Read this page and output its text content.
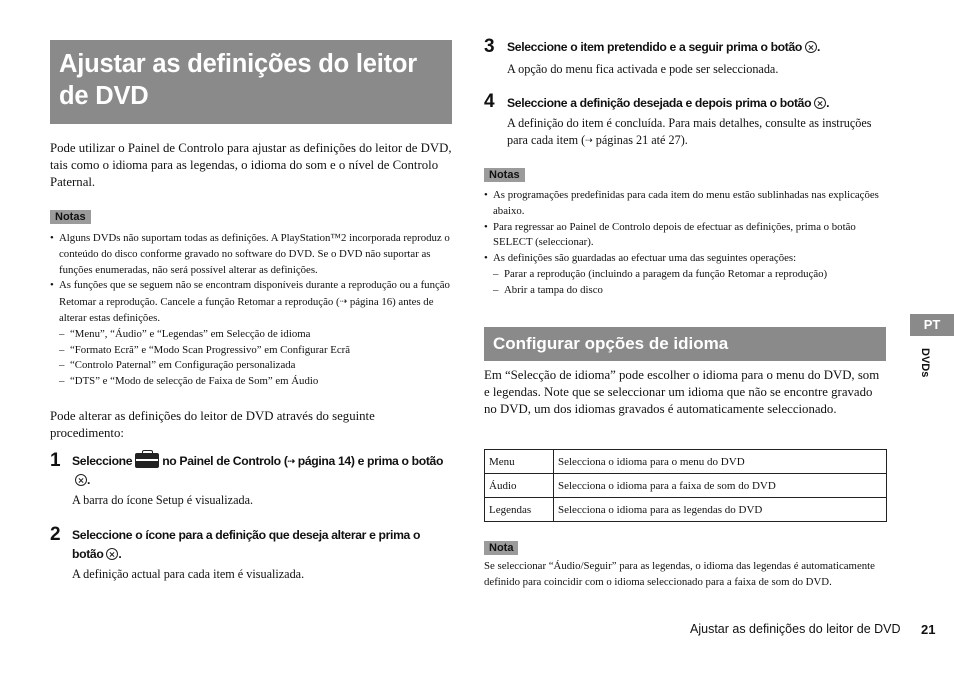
Ajustar as definições do leitor de DVD
Pode utilizar o Painel de Controlo para ajustar as definições do leitor de DVD, tais como o idioma para as legendas, o idioma do som e o nível de Controlo Paternal.
Notas
• Alguns DVDs não suportam todas as definições. A PlayStation™2 incorporada reproduz o conteúdo do disco conforme gravado no software do DVD. Se o DVD não suportar as funções enumeradas, não será possível alterar as definições.
• As funções que se seguem não se encontram disponíveis durante a reprodução ou a função Retomar a reprodução. Cancele a função Retomar a reprodução (⇢ página 16) antes de alterar estas definições.
– “Menu”, “Áudio” e “Legendas” em Selecção de idioma
– “Formato Ecrã” e “Modo Scan Progressivo” em Configurar Ecrã
– “Controlo Paternal” em Configuração personalizada
– “DTS” e “Modo de selecção de Faixa de Som” em Áudio
Pode alterar as definições do leitor de DVD através do seguinte procedimento:
1 Seleccione no Painel de Controlo (⇢ página 14) e prima o botão.
A barra do ícone Setup é visualizada.
2 Seleccione o ícone para a definição que deseja alterar e prima o botão .
A definição actual para cada item é visualizada.
3 Seleccione o item pretendido e a seguir prima o botão .
A opção do menu fica activada e pode ser seleccionada.
4 Seleccione a definição desejada e depois prima o botão .
A definição do item é concluída. Para mais detalhes, consulte as instruções para cada item (⇢ páginas 21 até 27).
Notas
• As programações predefinidas para cada item do menu estão sublinhadas nas explicações abaixo.
• Para regressar ao Painel de Controlo depois de efectuar as definições, prima o botão SELECT (seleccionar).
• As definições são guardadas ao efectuar uma das seguintes operações:
– Parar a reprodução (incluindo a paragem da função Retomar a reprodução)
– Abrir a tampa do disco
Configurar opções de idioma
Em “Selecção de idioma” pode escolher o idioma para o menu do DVD, som e legendas. Note que se seleccionar um idioma que não se encontre gravado no DVD, um dos idiomas gravados é automaticamente seleccionado.
Menu	Selecciona o idioma para o menu do DVD
Áudio	Selecciona o idioma para a faixa de som do DVD
Legendas	Selecciona o idioma para as legendas do DVD
Nota
Se seleccionar “Áudio/Seguir” para as legendas, o idioma das legendas é automaticamente definido para coincidir com o idioma seleccionado para a faixa de som do DVD.
PT
DVDs
Ajustar as definições do leitor de DVD 21
